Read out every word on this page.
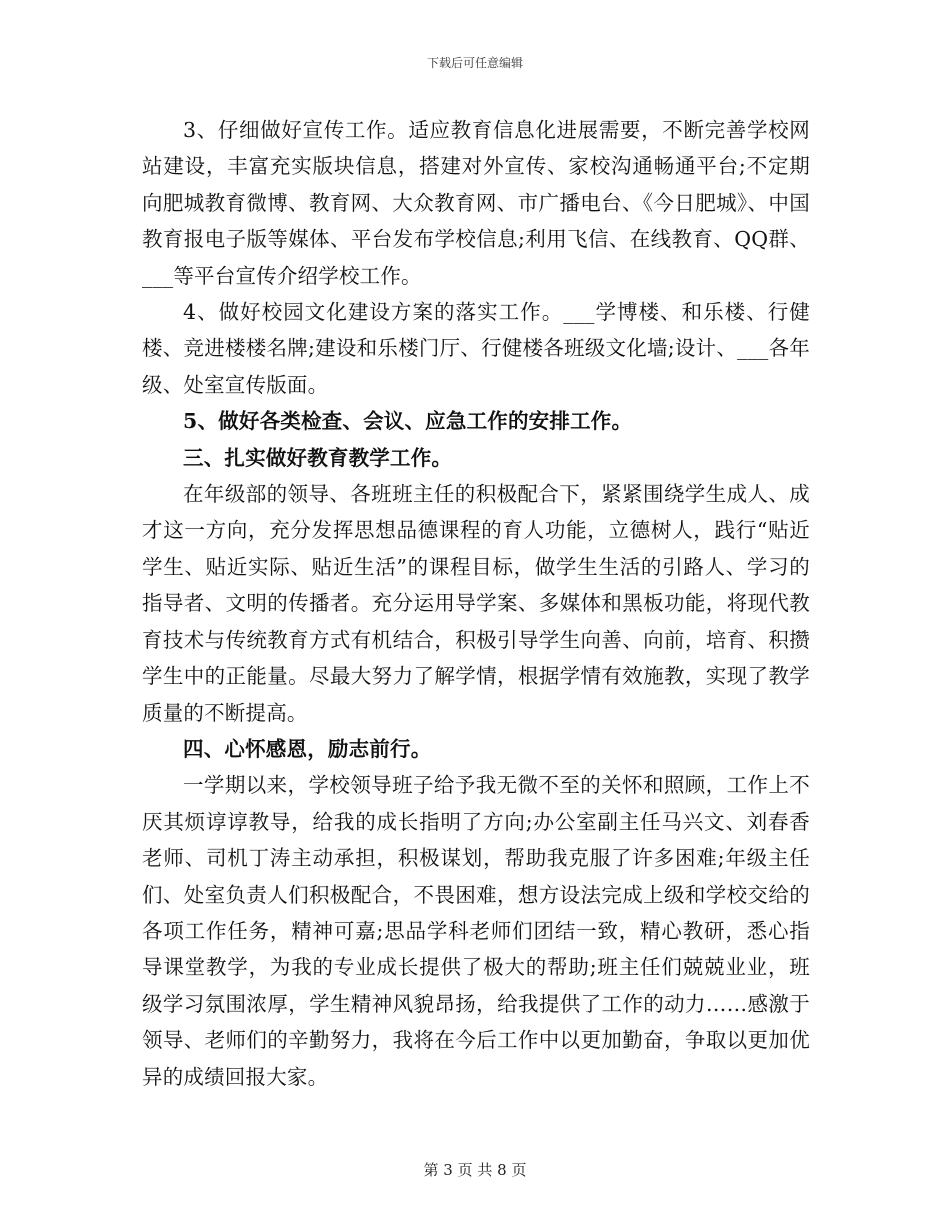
下载后可任意编辑

3、仔细做好宣传工作。适应教育信息化进展需要，不断完善学校网站建设，丰富充实版块信息，搭建对外宣传、家校沟通畅通平台;不定期向肥城教育微博、教育网、大众教育网、市广播电台、《今日肥城》、中国教育报电子版等媒体、平台发布学校信息;利用飞信、在线教育、QQ群、___等平台宣传介绍学校工作。

4、做好校园文化建设方案的落实工作。___学博楼、和乐楼、行健楼、竞进楼楼名牌;建设和乐楼门厅、行健楼各班级文化墙;设计、___各年级、处室宣传版面。

5、做好各类检查、会议、应急工作的安排工作。

三、扎实做好教育教学工作。

在年级部的领导、各班班主任的积极配合下，紧紧围绕学生成人、成才这一方向，充分发挥思想品德课程的育人功能，立德树人，践行“贴近学生、贴近实际、贴近生活”的课程目标，做学生生活的引路人、学习的指导者、文明的传播者。充分运用导学案、多媒体和黑板功能，将现代教育技术与传统教育方式有机结合，积极引导学生向善、向前，培育、积攒学生中的正能量。尽最大努力了解学情，根据学情有效施教，实现了教学质量的不断提高。

四、心怀感恩，励志前行。

一学期以来，学校领导班子给予我无微不至的关怀和照顾，工作上不厌其烦谆谆教导，给我的成长指明了方向;办公室副主任马兴文、刘春香老师、司机丁涛主动承担，积极谋划，帮助我克服了许多困难;年级主任们、处室负责人们积极配合，不畏困难，想方设法完成上级和学校交给的各项工作任务，精神可嘉;思品学科老师们团结一致，精心教研，悉心指导课堂教学，为我的专业成长提供了极大的帮助;班主任们兢兢业业，班级学习氛围浓厚，学生精神风貌昂扬，给我提供了工作的动力……感激于领导、老师们的辛勤努力，我将在今后工作中以更加勤奋，争取以更加优异的成绩回报大家。

第 3 页 共 8 页
